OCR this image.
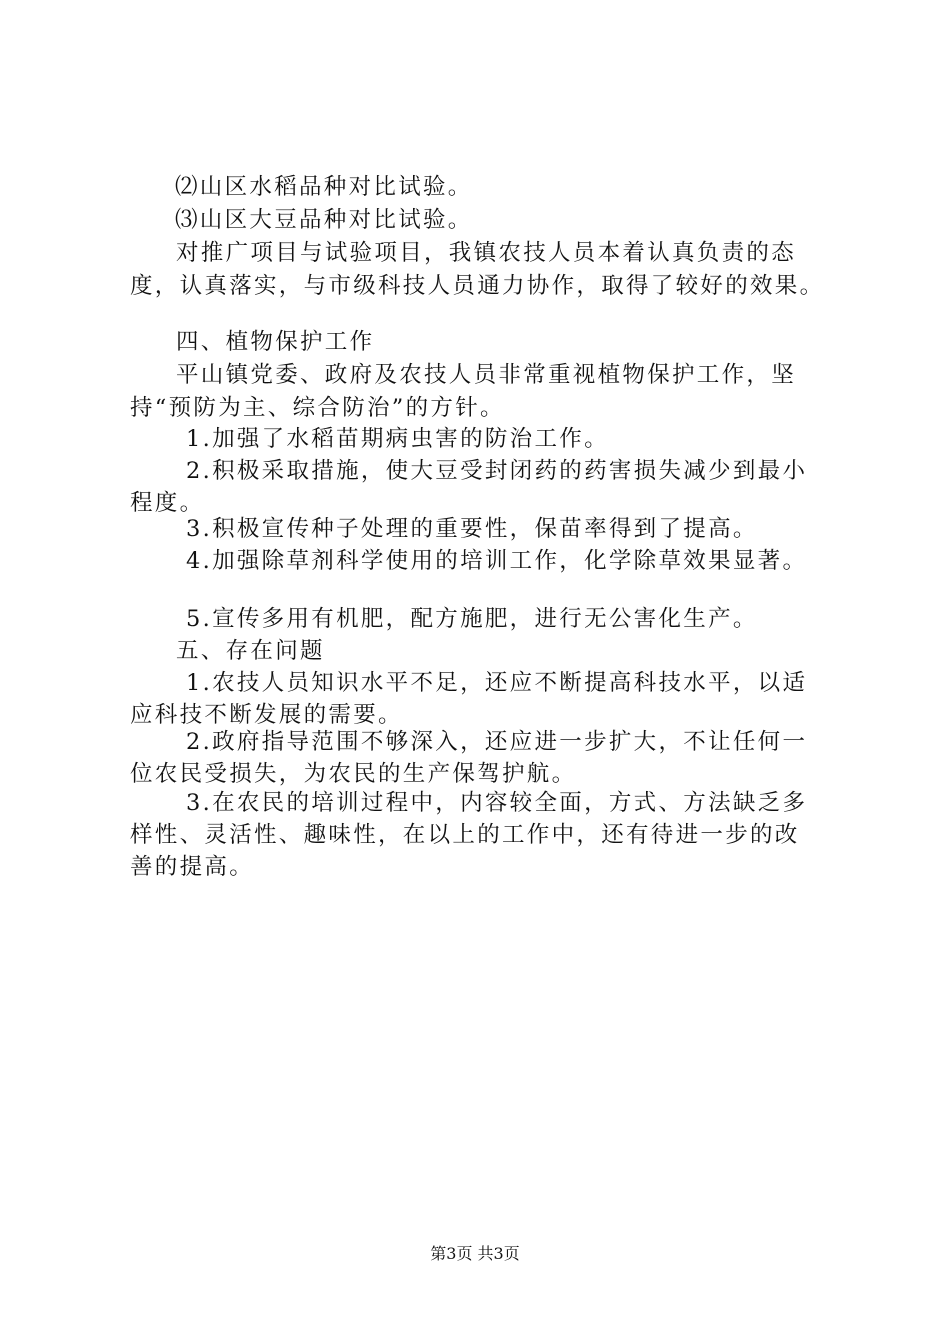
⑵山区水稻品种对比试验。
⑶山区大豆品种对比试验。
对推广项目与试验项目，我镇农技人员本着认真负责的态
度，认真落实，与市级科技人员通力协作，取得了较好的效果。
四、植物保护工作
平山镇党委、政府及农技人员非常重视植物保护工作，坚
持“预防为主、综合防治”的方针。
1.加强了水稻苗期病虫害的防治工作。
2.积极采取措施，使大豆受封闭药的药害损失减少到最小
程度。
3.积极宣传种子处理的重要性，保苗率得到了提高。
4.加强除草剂科学使用的培训工作，化学除草效果显著。
5.宣传多用有机肥，配方施肥，进行无公害化生产。
五、存在问题
1.农技人员知识水平不足，还应不断提高科技水平，以适
应科技不断发展的需要。
2.政府指导范围不够深入，还应进一步扩大，不让任何一
位农民受损失，为农民的生产保驾护航。
3.在农民的培训过程中，内容较全面，方式、方法缺乏多
样性、灵活性、趣味性，在以上的工作中，还有待进一步的改
善的提高。
第3页 共3页
